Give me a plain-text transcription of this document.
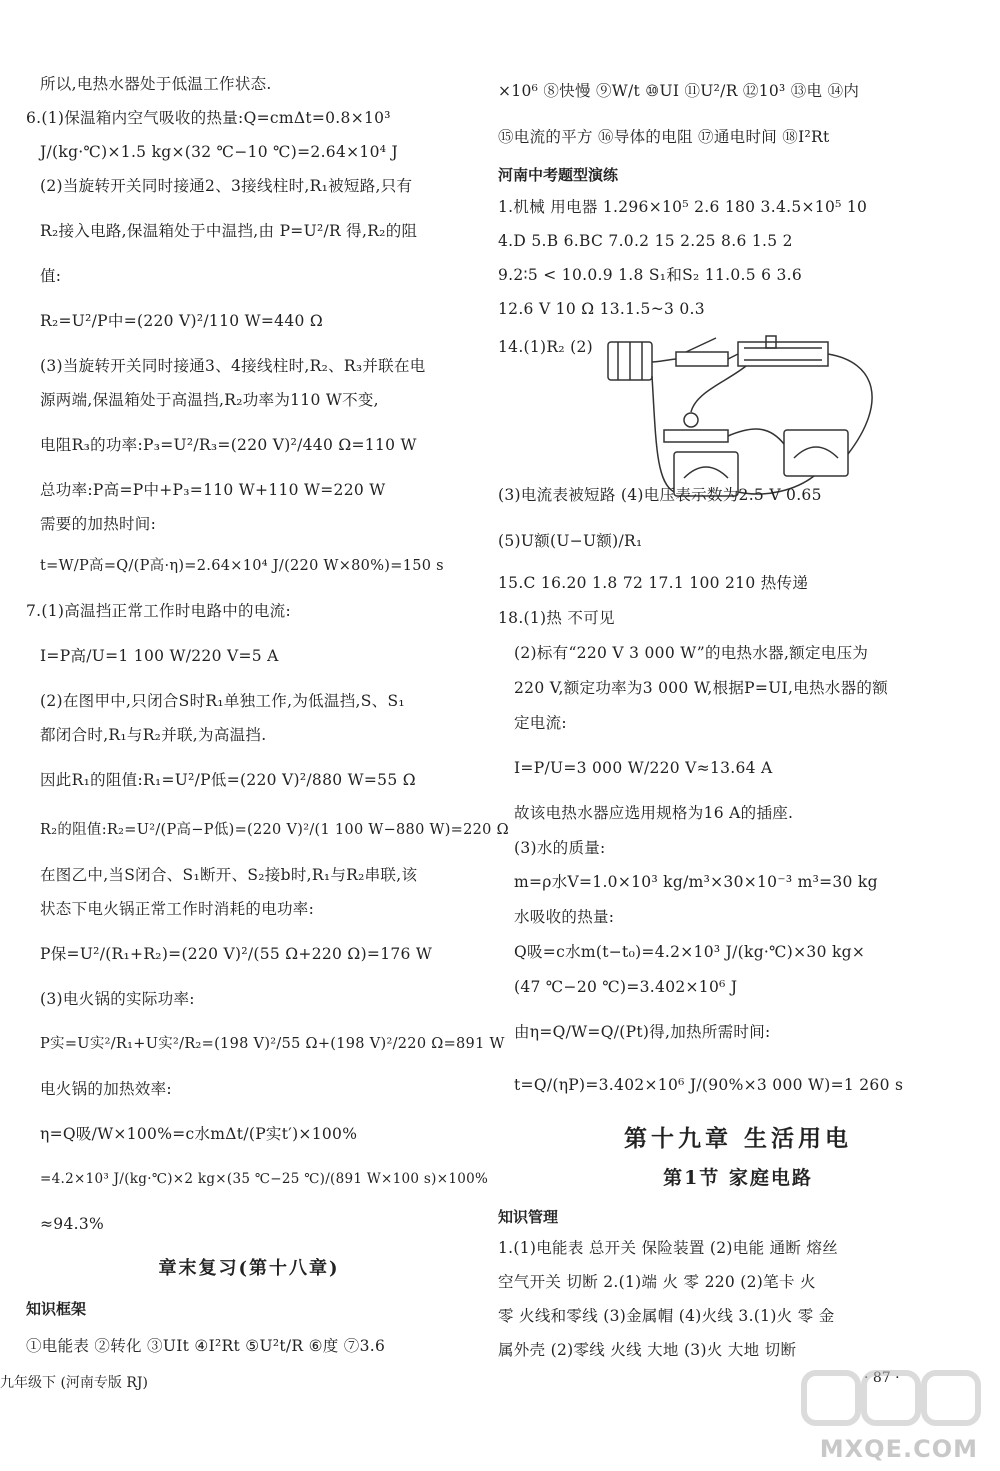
所以,电热水器处于低温工作状态.
6.(1)保温箱内空气吸收的热量:Q=cmΔt=0.8×10³
J/(kg·℃)×1.5 kg×(32 ℃−10 ℃)=2.64×10⁴ J
(2)当旋转开关同时接通2、3接线柱时,R₁被短路,只有
R₂接入电路,保温箱处于中温挡,由 P=U²/R 得,R₂的阻
值:
R₂=U²/P中=(220 V)²/110 W=440 Ω
(3)当旋转开关同时接通3、4接线柱时,R₂、R₃并联在电
源两端,保温箱处于高温挡,R₂功率为110 W不变,
电阻R₃的功率:P₃=U²/R₃=(220 V)²/440 Ω=110 W
总功率:P高=P中+P₃=110 W+110 W=220 W
需要的加热时间:
t=W/P高=Q/(P高·η)=2.64×10⁴ J/(220 W×80%)=150 s
7.(1)高温挡正常工作时电路中的电流:
I=P高/U=1 100 W/220 V=5 A
(2)在图甲中,只闭合S时R₁单独工作,为低温挡,S、S₁
都闭合时,R₁与R₂并联,为高温挡.
因此R₁的阻值:R₁=U²/P低=(220 V)²/880 W=55 Ω
R₂的阻值:R₂=U²/(P高−P低)=(220 V)²/(1 100 W−880 W)=220 Ω
在图乙中,当S闭合、S₁断开、S₂接b时,R₁与R₂串联,该
状态下电火锅正常工作时消耗的电功率:
P保=U²/(R₁+R₂)=(220 V)²/(55 Ω+220 Ω)=176 W
(3)电火锅的实际功率:
P实=U实²/R₁+U实²/R₂=(198 V)²/55 Ω+(198 V)²/220 Ω=891 W
电火锅的加热效率:
η=Q吸/W×100%=c水mΔt/(P实t′)×100%
=4.2×10³ J/(kg·℃)×2 kg×(35 ℃−25 ℃)/(891 W×100 s)×100%
≈94.3%
章末复习(第十八章)
知识框架
①电能表 ②转化 ③UIt ④I²Rt ⑤U²t/R ⑥度 ⑦3.6
×10⁶ ⑧快慢 ⑨W/t ⑩UI ⑪U²/R ⑫10³ ⑬电 ⑭内
⑮电流的平方 ⑯导体的电阻 ⑰通电时间 ⑱I²Rt
河南中考题型演练
1.机械 用电器 1.296×10⁵ 2.6 180 3.4.5×10⁵ 10
4.D 5.B 6.BC 7.0.2 15 2.25 8.6 1.5 2
9.2∶5 < 10.0.9 1.8 S₁和S₂ 11.0.5 6 3.6
12.6 V 10 Ω 13.1.5~3 0.3
14.(1)R₂ (2)
(3)电流表被短路 (4)电压表示数为2.5 V 0.65
(5)U额(U−U额)/R₁
15.C 16.20 1.8 72 17.1 100 210 热传递
18.(1)热 不可见
(2)标有“220 V 3 000 W”的电热水器,额定电压为
220 V,额定功率为3 000 W,根据P=UI,电热水器的额
定电流:
I=P/U=3 000 W/220 V≈13.64 A
故该电热水器应选用规格为16 A的插座.
(3)水的质量:
m=ρ水V=1.0×10³ kg/m³×30×10⁻³ m³=30 kg
水吸收的热量:
Q吸=c水m(t−t₀)=4.2×10³ J/(kg·℃)×30 kg×
(47 ℃−20 ℃)=3.402×10⁶ J
由η=Q/W=Q/(Pt)得,加热所需时间:
t=Q/(ηP)=3.402×10⁶ J/(90%×3 000 W)=1 260 s
第十九章 生活用电
第1节 家庭电路
知识管理
1.(1)电能表 总开关 保险装置 (2)电能 通断 熔丝
空气开关 切断 2.(1)端 火 零 220 (2)笔卡 火
零 火线和零线 (3)金属帽 (4)火线 3.(1)火 零 金
属外壳 (2)零线 火线 大地 (3)火 大地 切断
九年级下 (河南专版 RJ)	· 87 ·
MXQE.COM
